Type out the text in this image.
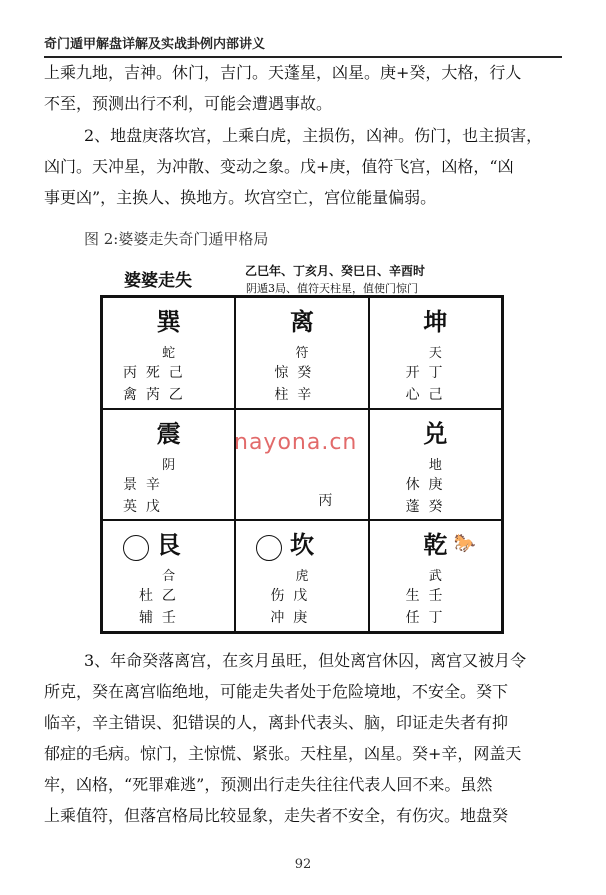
奇门遁甲解盘详解及实战卦例内部讲义
上乘九地，吉神。休门，吉门。天蓬星，凶星。庚+癸，大格，行人
不至，预测出行不利，可能会遭遇事故。
2、地盘庚落坎宫，上乘白虎，主损伤，凶神。伤门，也主损害，
凶门。天冲星，为冲散、变动之象。戊+庚，值符飞宫，凶格，“凶
事更凶”，主换人、换地方。坎宫空亡，宫位能量偏弱。
图 2:婆婆走失奇门遁甲格局
婆婆走失	乙巳年、丁亥月、癸巳日、辛酉时
阴遁3局、值符天柱星，值使门惊门
巽
蛇
丙  死  己
禽  芮  乙
离
符
惊  癸
柱  辛
坤
天
开  丁
心  己
震
阴
景  辛
英  戊	丙
兑
地
休  庚
蓬  癸
艮
合
杜  乙
辅  壬
坎
虎
伤  戊
冲  庚
乾 🐎
武
生  壬
任  丁
nayona.cn
3、年命癸落离宫，在亥月虽旺，但处离宫休囚，离宫又被月令
所克，癸在离宫临绝地，可能走失者处于危险境地，不安全。癸下
临辛，辛主错误、犯错误的人，离卦代表头、脑，印证走失者有抑
郁症的毛病。惊门，主惊慌、紧张。天柱星，凶星。癸+辛，网盖天
牢，凶格，“死罪难逃”，预测出行走失往往代表人回不来。虽然
上乘值符，但落宫格局比较显象，走失者不安全，有伤灾。地盘癸
92
